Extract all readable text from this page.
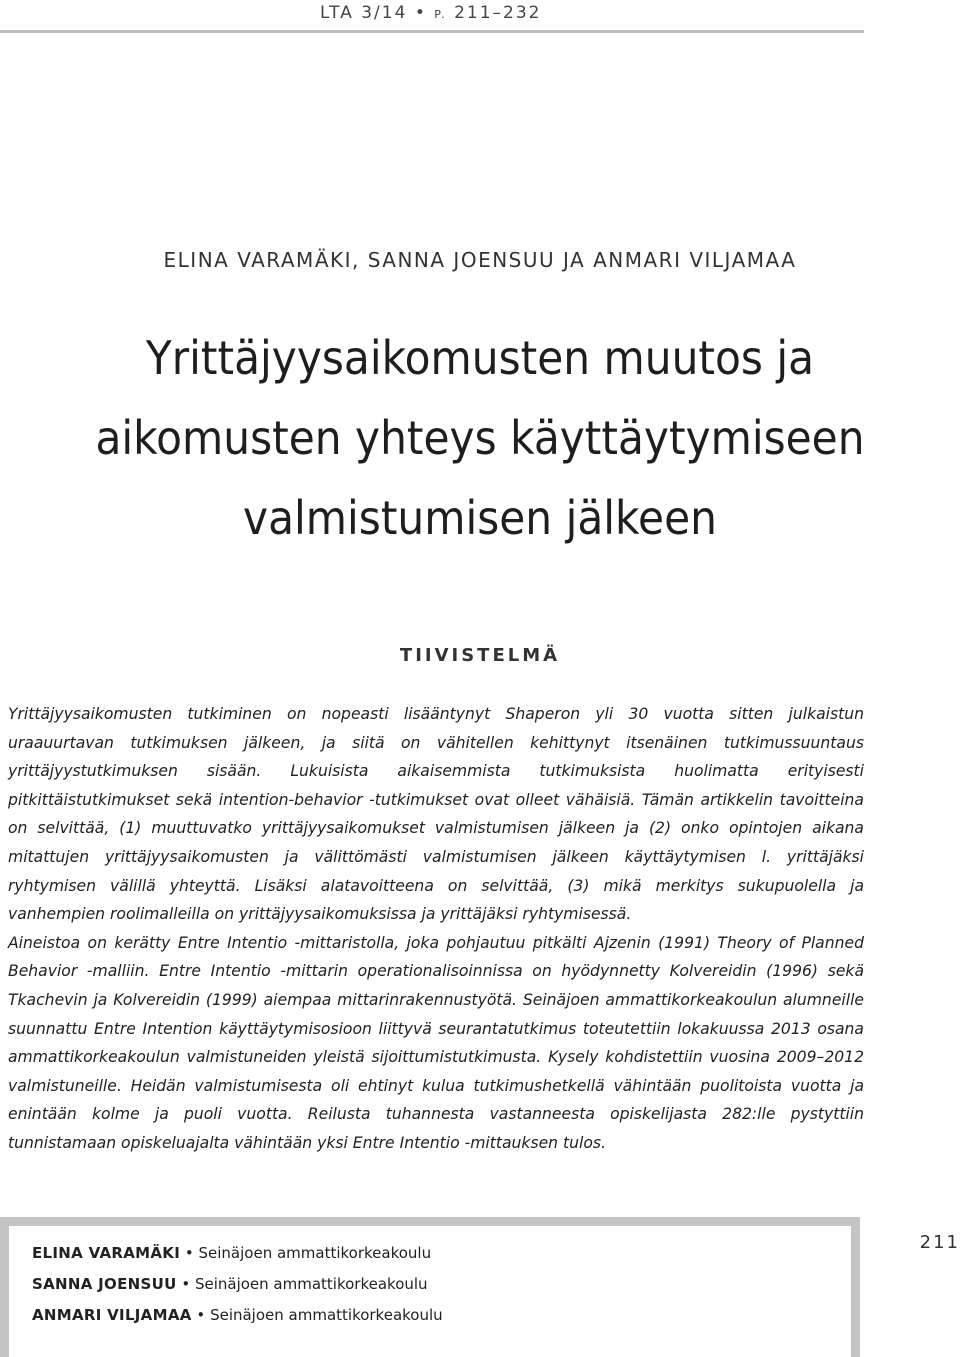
LTA 3/14 • P. 211–232
ELINA VARAMÄKI, SANNA JOENSUU JA ANMARI VILJAMAA
Yrittäjyysaikomusten muutos ja
aikomusten yhteys käyttäytymiseen
valmistumisen jälkeen
TIIVISTELMÄ

Yrittäjyysaikomusten tutkiminen on nopeasti lisääntynyt Shaperon yli 30 vuotta sitten julkaistun uraauurtavan tutkimuksen jälkeen, ja siitä on vähitellen kehittynyt itsenäinen tutkimussuuntaus yrittäjyystutkimuksen sisään. Lukuisista aikaisemmista tutkimuksista huolimatta erityisesti pitkittäistutkimukset sekä intention-behavior -tutkimukset ovat olleet vähäisiä. Tämän artikkelin tavoitteina on selvittää, (1) muuttuvatko yrittäjyysaikomukset valmistumisen jälkeen ja (2) onko opintojen aikana mitattujen yrittäjyysaikomusten ja välittömästi valmistumisen jälkeen käyttäytymisen l. yrittäjäksi ryhtymisen välillä yhteyttä. Lisäksi alatavoitteena on selvittää, (3) mikä merkitys sukupuolella ja vanhempien roolimalleilla on yrittäjyysaikomuksissa ja yrittäjäksi ryhtymisessä.

Aineistoa on kerätty Entre Intentio -mittaristolla, joka pohjautuu pitkälti Ajzenin (1991) Theory of Planned Behavior -malliin. Entre Intentio -mittarin operationalisoinnissa on hyödynnetty Kolvereidin (1996) sekä Tkachevin ja Kolvereidin (1999) aiempaa mittarinrakennustyötä. Seinäjoen ammattikorkeakoulun alumneille suunnattu Entre Intention käyttäytymisosioon liittyvä seurantatutkimus toteutettiin lokakuussa 2013 osana ammattikorkeakoulun valmistuneiden yleistä sijoittumistutkimusta. Kysely kohdistettiin vuosina 2009–2012 valmistuneille. Heidän valmistumisesta oli ehtinyt kulua tutkimushetkellä vähintään puolitoista vuotta ja enintään kolme ja puoli vuotta. Reilusta tuhannesta vastanneesta opiskelijasta 282:lle pystyttiin tunnistamaan opiskeluajalta vähintään yksi Entre Intentio -mittauksen tulos.

ELINA VARAMÄKI • Seinäjoen ammattikorkeakoulu
SANNA JOENSUU • Seinäjoen ammattikorkeakoulu
ANMARI VILJAMAA • Seinäjoen ammattikorkeakoulu
211
